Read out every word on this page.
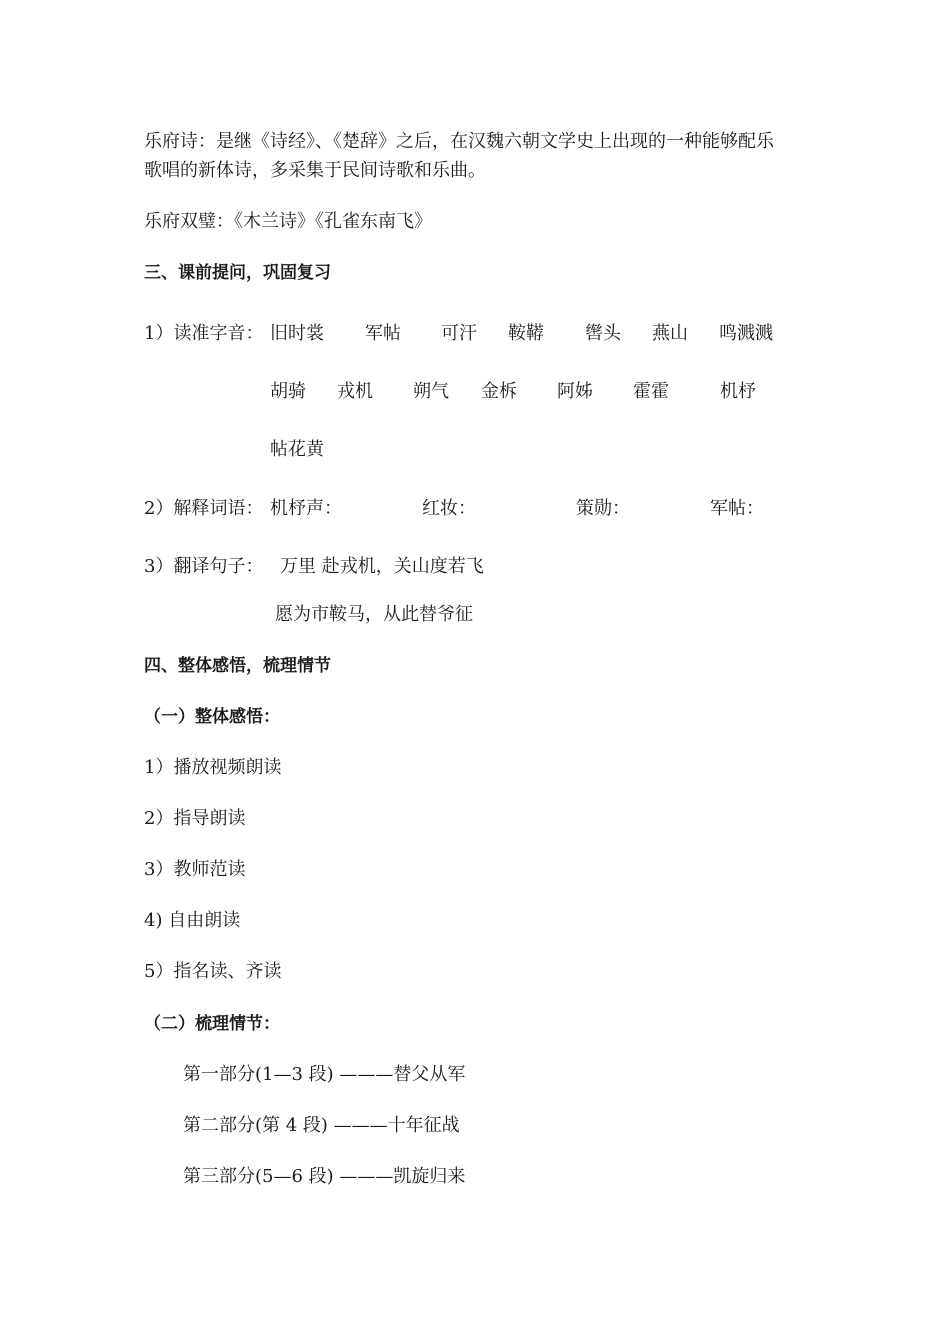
乐府诗：是继《诗经》、《楚辞》之后，在汉魏六朝文学史上出现的一种能够配乐
歌唱的新体诗，多采集于民间诗歌和乐曲。
乐府双璧：《木兰诗》《孔雀东南飞》
三、课前提问，巩固复习
1）读准字音： 旧时裳 军帖 可汗 鞍鞯 辔头 燕山 鸣溅溅
胡骑 戎机 朔气 金柝 阿姊 霍霍	机杼
帖花黄
2）解释词语： 机杼声：	红妆：	策勋：	军帖：
3）翻译句子： 万里 赴戎机，关山度若飞
愿为市鞍马，从此替爷征
四、整体感悟，梳理情节
（一）整体感悟：
1）播放视频朗读
2）指导朗读
3）教师范读
4) 自由朗读
5）指名读、齐读
（二）梳理情节：
第一部分(1—3 段) ———替父从军
第二部分(第 4 段) ———十年征战
第三部分(5—6 段) ———凯旋归来
